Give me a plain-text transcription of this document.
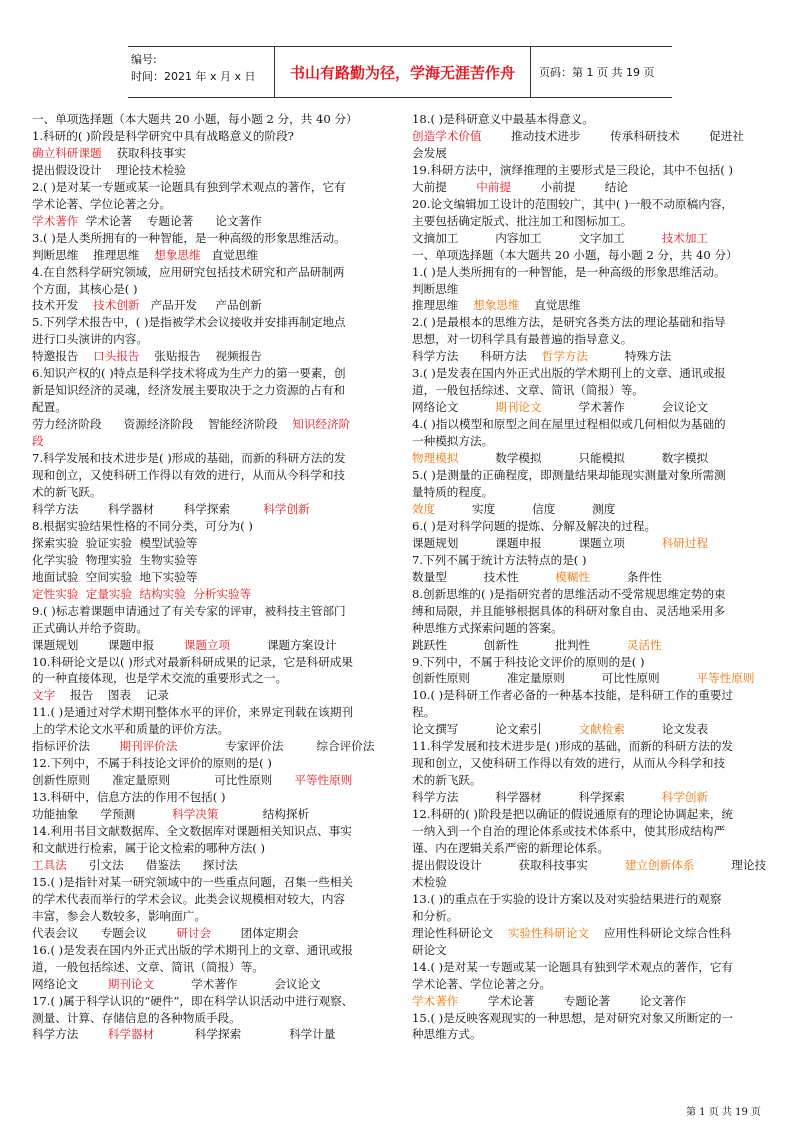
编号:
时间：2021 年 x 月 x 日	书山有路勤为径，学海无涯苦作舟	页码：第 1 页 共 19 页
一、单项选择题（本大题共 20 小题，每小题 2 分，共 40 分）
1.科研的( )阶段是科学研究中具有战略意义的阶段?
确立科研课题    获取科技事实
提出假设设计    理论技术检验
2.( )是对某一专题或某一论题具有独到学术观点的著作，它有
学术论著、学位论著之分。
学术著作  学术论著    专题论著      论文著作
3.( )是人类所拥有的一种智能，是一种高级的形象思维活动。
判断思维    推理思维    想象思维   直觉思维
4.在自然科学研究领域，应用研究包括技术研究和产品研制两
个方面，其核心是( )
技术开发    技术创新   产品开发     产品创新
5.下列学术报告中，( )是指被学术会议接收并安排再制定地点
进行口头演讲的内容。
特邀报告    口头报告    张贴报告    视频报告
6.知识产权的( )特点是科学技术将成为生产力的第一要素，创
新是知识经济的灵魂，经济发展主要取决于之力资源的占有和
配置。
劳力经济阶段      资源经济阶段    智能经济阶段    知识经济阶
段
7.科学发展和技术进步是( )形成的基础，而新的科研方法的发
现和创立，又使科研工作得以有效的进行，从而从今科学和技
术的新飞跃。
科学方法        科学器材        科学探索         科学创新
8.根据实验结果性格的不同分类，可分为( )
探索实验  验证实验  模型试验等
化学实验  物理实验  生物实验等
地面试验  空间实验  地下实验等
定性实验  定量实验  结构实验  分析实验等
9.( )标志着课题申请通过了有关专家的评审，被科技主管部门
正式确认并给予资助。
课题规划        课题申报        课题立项          课题方案设计
10.科研论文是以( )形式对最新科研成果的记录，它是科研成果
的一种直接体现，也是学术交流的重要形式之一。
文字    报告    图表    记录
11.( )是通过对学术期刊整体水平的评价，来界定刊载在该期刊
上的学术论文水平和质量的评价方法。
指标评价法        期刊评价法             专家评价法         综合评价法
12.下列中，不属于科技论文评价的原则的是( )
创新性原则      准定量原则            可比性原则      平等性原则
13.科研中，信息方法的作用不包括( )
功能抽象      学预测          科学决策            结构探析
14.利用书目文献数据库、全文数据库对课题相关知识点、事实
和文献进行检索，属于论文检索的哪种方法( )
工具法      引文法      借鉴法      探讨法
15.( )是指针对某一研究领域中的一些重点问题，召集一些相关
的学术代表而举行的学术会议。此类会议规模相对较大，内容
丰富，参会人数较多，影响面广。
代表会议      专题会议        研讨会        团体定期会
16.( )是发表在国内外正式出版的学术期刊上的文章、通讯或报
道，一般包括综述、文章、简讯（简报）等。
网络论文        期刊论文          学术著作          会议论文
17.( )属于科学认识的“硬件”，即在科学认识活动中进行观察、
测量、计算、存储信息的各种物质手段。
科学方法        科学器材           科学探索             科学计量
18.( )是科研意义中最基本得意义。
创造学术价值        推动技术进步        传承科研技术        促进社
会发展
19.科研方法中，演绎推理的主要形式是三段论，其中不包括( )
大前提        中前提        小前提        结论
20.论文编辑加工设计的范围较广，其中( )一般不动原稿内容，
主要包括确定版式、批注加工和图标加工。
文摘加工          内容加工          文字加工          技术加工
一、单项选择题（本大题共 20 小题，每小题 2 分，共 40 分）
1.( )是人类所拥有的一种智能，是一种高级的形象思维活动。
判断思维
推理思维    想象思维    直觉思维
2.( )是最根本的思维方法，是研究各类方法的理论基础和指导
思想，对一切科学具有最普遍的指导意义。
科学方法      科研方法    哲学方法          特殊方法
3.( )是发表在国内外正式出版的学术期刊上的文章、通讯或报
道，一般包括综述、文章、简讯（简报）等。
网络论文          期刊论文          学术著作          会议论文
4.( )指以模型和原型之间在屋里过程相似或几何相似为基础的
一种模拟方法。
物理模拟          数学模拟          只能模拟          数字模拟
5.( )是测量的正确程度，即测量结果却能现实测量对象所需测
量特质的程度。
效度          实度          信度          测度
6.( )是对科学问题的提炼、分解及解决的过程。
课题规划          课题申报          课题立项          科研过程
7.下列不属于统计方法特点的是( )
数量型          技术性          模糊性          条件性
8.创新思维的( )是指研究者的思维活动不受常规思维定势的束
缚和局限，并且能够根据具体的科研对象自由、灵活地采用多
种思维方式探索问题的答案。
跳跃性          创新性          批判性          灵活性
9.下列中，不属于科技论文评价的原则的是( )
创新性原则          准定量原则          可比性原则          平等性原则
10.( )是科研工作者必备的一种基本技能，是科研工作的重要过
程。
论文撰写          论文索引          文献检索          论文发表
11.科学发展和技术进步是( )形成的基础，而新的科研方法的发
现和创立，又使科研工作得以有效的进行，从而从今科学和技
术的新飞跃。
科学方法          科学器材          科学探索          科学创新
12.科研的( )阶段是把以确证的假说通原有的理论协调起来，统
一纳入到一个自治的理论体系或技术体系中，使其形成结构严
谨、内在逻辑关系严密的新理论体系。
提出假设设计          获取科技事实          建立创新体系          理论技
术检验
13.( )的重点在于实验的设计方案以及对实验结果进行的观察
和分析。
理论性科研论文    实验性科研论文    应用性科研论文综合性科
研论文
14.( )是对某一专题或某一论题具有独到学术观点的著作，它有
学术论著、学位论著之分。
学术著作        学术论著        专题论著        论文著作
15.( )是反映客观现实的一种思想，是对研究对象又所断定的一
种思维方式。
第 1 页 共 19 页
